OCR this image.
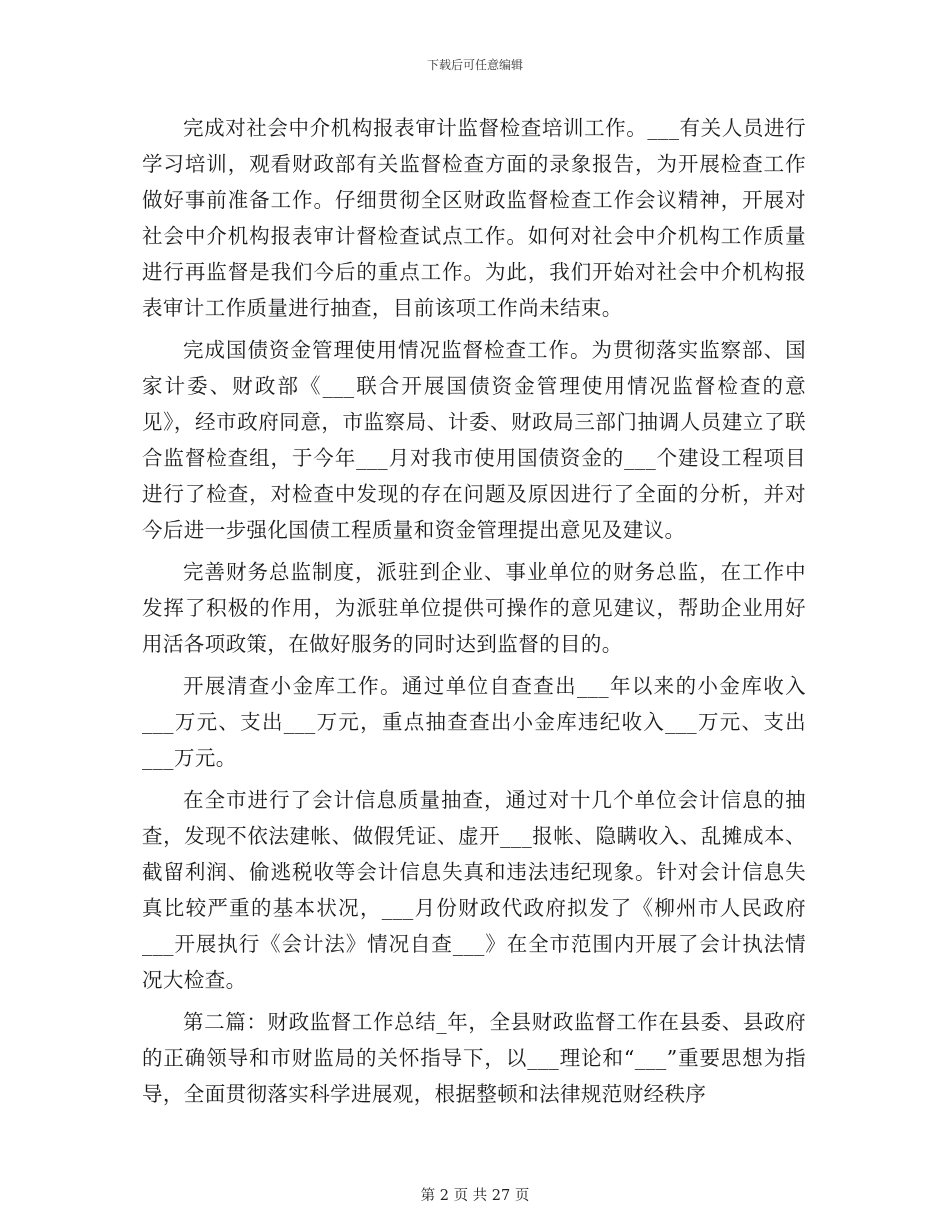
下载后可任意编辑

完成对社会中介机构报表审计监督检查培训工作。___有关人员进行学习培训，观看财政部有关监督检查方面的录象报告，为开展检查工作做好事前准备工作。仔细贯彻全区财政监督检查工作会议精神，开展对社会中介机构报表审计督检查试点工作。如何对社会中介机构工作质量进行再监督是我们今后的重点工作。为此，我们开始对社会中介机构报表审计工作质量进行抽查，目前该项工作尚未结束。

完成国债资金管理使用情况监督检查工作。为贯彻落实监察部、国家计委、财政部《___联合开展国债资金管理使用情况监督检查的意见》，经市政府同意，市监察局、计委、财政局三部门抽调人员建立了联合监督检查组，于今年___月对我市使用国债资金的___个建设工程项目进行了检查，对检查中发现的存在问题及原因进行了全面的分析，并对今后进一步强化国债工程质量和资金管理提出意见及建议。

完善财务总监制度，派驻到企业、事业单位的财务总监，在工作中发挥了积极的作用，为派驻单位提供可操作的意见建议，帮助企业用好用活各项政策，在做好服务的同时达到监督的目的。

开展清查小金库工作。通过单位自查查出___年以来的小金库收入___万元、支出___万元，重点抽查查出小金库违纪收入___万元、支出___万元。

在全市进行了会计信息质量抽查，通过对十几个单位会计信息的抽查，发现不依法建帐、做假凭证、虚开___报帐、隐瞒收入、乱摊成本、截留利润、偷逃税收等会计信息失真和违法违纪现象。针对会计信息失真比较严重的基本状况，___月份财政代政府拟发了《柳州市人民政府___开展执行《会计法》情况自查___》在全市范围内开展了会计执法情况大检查。

第二篇：财政监督工作总结_年，全县财政监督工作在县委、县政府的正确领导和市财监局的关怀指导下，以___理论和“___”重要思想为指导，全面贯彻落实科学进展观，根据整顿和法律规范财经秩序

第 2 页 共 27 页
